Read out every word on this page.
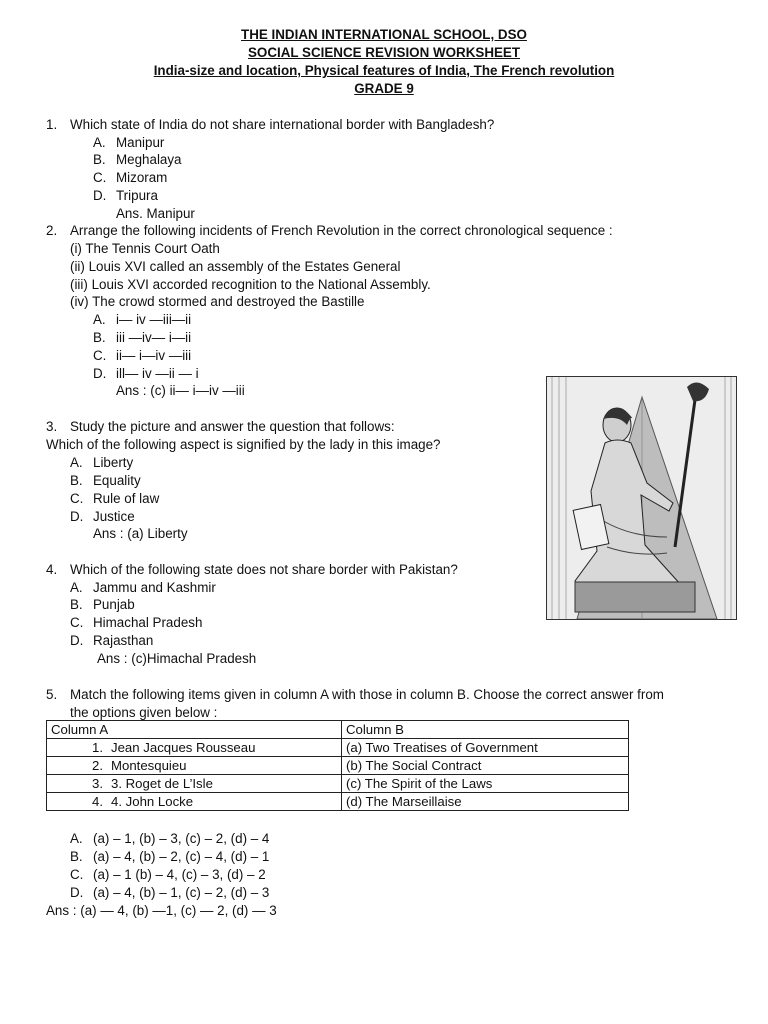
THE INDIAN INTERNATIONAL SCHOOL, DSO
SOCIAL SCIENCE REVISION WORKSHEET
India-size and location, Physical features of India, The French revolution
GRADE 9
1. Which state of India do not share international border with Bangladesh?
A. Manipur
B. Meghalaya
C. Mizoram
D. Tripura
Ans. Manipur
2. Arrange the following incidents of French Revolution in the correct chronological sequence :
(i) The Tennis Court Oath
(ii) Louis XVI called an assembly of the Estates General
(iii) Louis XVI accorded recognition to the National Assembly.
(iv) The crowd stormed and destroyed the Bastille
A. i— iv —iii—ii
B. iii —iv— i—ii
C. ii— i—iv —iii
D. ill— iv —ii — i
Ans : (c) ii— i—iv —iii
3. Study the picture and answer the question that follows:
Which of the following aspect is signified by the lady in this image?
A. Liberty
B. Equality
C. Rule of law
D. Justice
Ans : (a) Liberty
4. Which of the following state does not share border with Pakistan?
A. Jammu and Kashmir
B. Punjab
C. Himachal Pradesh
D. Rajasthan
Ans : (c)Himachal Pradesh
5. Match the following items given in column A with those in column B. Choose the correct answer from
the options given below :
Column A	Column B
1. Jean Jacques Rousseau	(a) Two Treatises of Government
2. Montesquieu	(b) The Social Contract
3. 3. Roget de L’Isle	(c) The Spirit of the Laws
4. 4. John Locke	(d) The Marseillaise
A. (a) – 1, (b) – 3, (c) – 2, (d) – 4
B. (a) – 4, (b) – 2, (c) – 4, (d) – 1
C. (a) – 1 (b) – 4, (c) – 3, (d) – 2
D. (a) – 4, (b) – 1, (c) – 2, (d) – 3
Ans : (a) — 4, (b) —1, (c) — 2, (d) — 3
